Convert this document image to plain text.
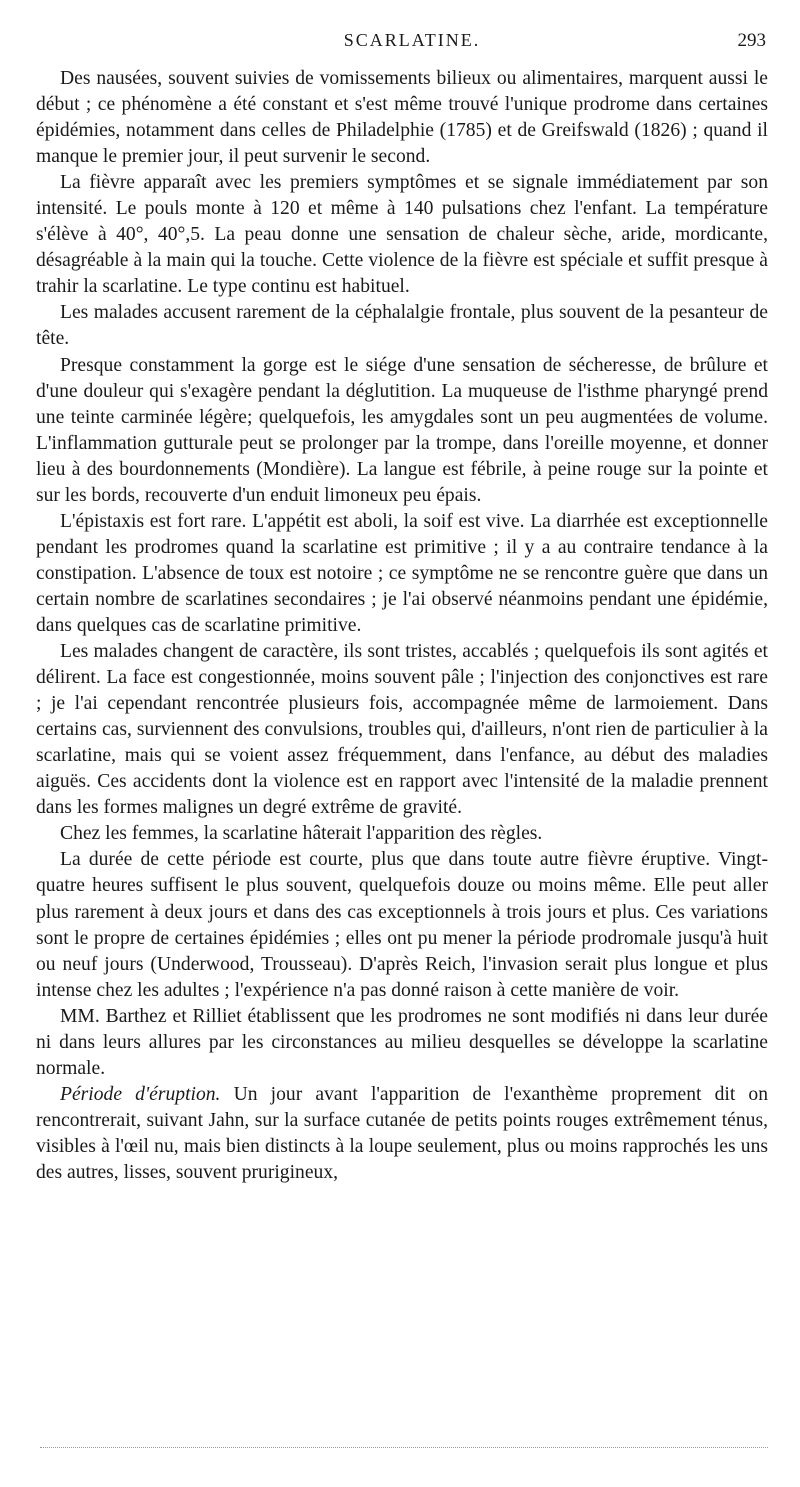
SCARLATINE.	293

Des nausées, souvent suivies de vomissements bilieux ou alimentaires, marquent aussi le début ; ce phénomène a été constant et s'est même trouvé l'unique prodrome dans certaines épidémies, notamment dans celles de Philadelphie (1785) et de Greifswald (1826) ; quand il manque le premier jour, il peut survenir le second.

La fièvre apparaît avec les premiers symptômes et se signale immédiatement par son intensité. Le pouls monte à 120 et même à 140 pulsations chez l'enfant. La température s'élève à 40°, 40°,5. La peau donne une sensation de chaleur sèche, aride, mordicante, désagréable à la main qui la touche. Cette violence de la fièvre est spéciale et suffit presque à trahir la scarlatine. Le type continu est habituel.

Les malades accusent rarement de la céphalalgie frontale, plus souvent de la pesanteur de tête.

Presque constamment la gorge est le siége d'une sensation de sécheresse, de brûlure et d'une douleur qui s'exagère pendant la déglutition. La muqueuse de l'isthme pharyngé prend une teinte carminée légère; quelquefois, les amygdales sont un peu augmentées de volume. L'inflammation gutturale peut se prolonger par la trompe, dans l'oreille moyenne, et donner lieu à des bourdonnements (Mondière). La langue est fébrile, à peine rouge sur la pointe et sur les bords, recouverte d'un enduit limoneux peu épais.

L'épistaxis est fort rare. L'appétit est aboli, la soif est vive. La diarrhée est exceptionnelle pendant les prodromes quand la scarlatine est primitive ; il y a au contraire tendance à la constipation. L'absence de toux est notoire ; ce symptôme ne se rencontre guère que dans un certain nombre de scarlatines secondaires ; je l'ai observé néanmoins pendant une épidémie, dans quelques cas de scarlatine primitive.

Les malades changent de caractère, ils sont tristes, accablés ; quelquefois ils sont agités et délirent. La face est congestionnée, moins souvent pâle ; l'injection des conjonctives est rare ; je l'ai cependant rencontrée plusieurs fois, accompagnée même de larmoiement. Dans certains cas, surviennent des convulsions, troubles qui, d'ailleurs, n'ont rien de particulier à la scarlatine, mais qui se voient assez fréquemment, dans l'enfance, au début des maladies aiguës. Ces accidents dont la violence est en rapport avec l'intensité de la maladie prennent dans les formes malignes un degré extrême de gravité.

Chez les femmes, la scarlatine hâterait l'apparition des règles.

La durée de cette période est courte, plus que dans toute autre fièvre éruptive. Vingt-quatre heures suffisent le plus souvent, quelquefois douze ou moins même. Elle peut aller plus rarement à deux jours et dans des cas exceptionnels à trois jours et plus. Ces variations sont le propre de certaines épidémies ; elles ont pu mener la période prodromale jusqu'à huit ou neuf jours (Underwood, Trousseau). D'après Reich, l'invasion serait plus longue et plus intense chez les adultes ; l'expérience n'a pas donné raison à cette manière de voir.

MM. Barthez et Rilliet établissent que les prodromes ne sont modifiés ni dans leur durée ni dans leurs allures par les circonstances au milieu desquelles se développe la scarlatine normale.

Période d'éruption. Un jour avant l'apparition de l'exanthème proprement dit on rencontrerait, suivant Jahn, sur la surface cutanée de petits points rouges extrêmement ténus, visibles à l'œil nu, mais bien distincts à la loupe seulement, plus ou moins rapprochés les uns des autres, lisses, souvent prurigineux,
